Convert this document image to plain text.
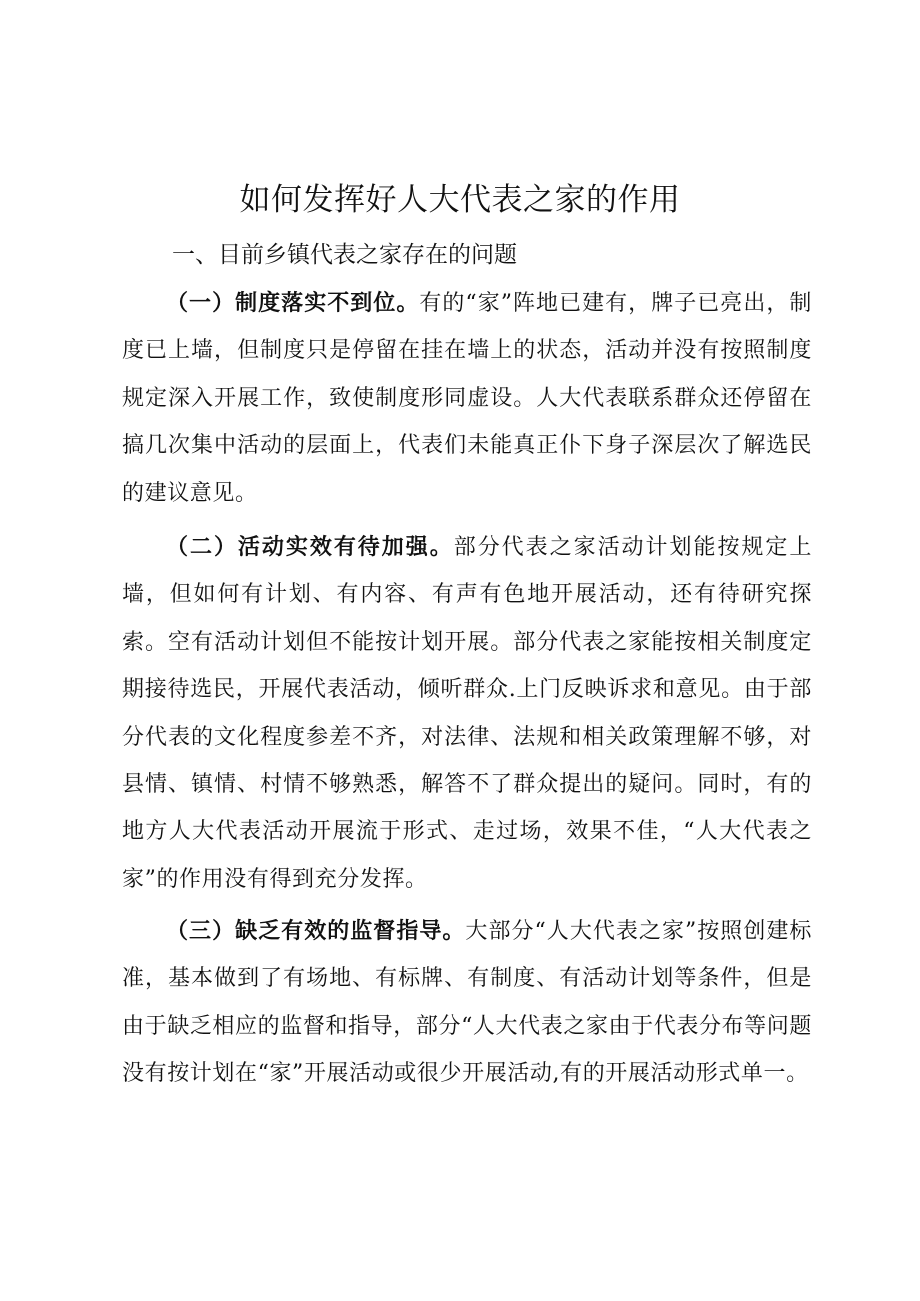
如何发挥好人大代表之家的作用
一、目前乡镇代表之家存在的问题

（一）制度落实不到位。有的“家”阵地已建有，牌子已亮出，制度已上墙，但制度只是停留在挂在墙上的状态，活动并没有按照制度规定深入开展工作，致使制度形同虚设。人大代表联系群众还停留在搞几次集中活动的层面上，代表们未能真正仆下身子深层次了解选民的建议意见。

（二）活动实效有待加强。部分代表之家活动计划能按规定上墙，但如何有计划、有内容、有声有色地开展活动，还有待研究探索。空有活动计划但不能按计划开展。部分代表之家能按相关制度定期接待选民，开展代表活动，倾听群众.上门反映诉求和意见。由于部分代表的文化程度参差不齐，对法律、法规和相关政策理解不够，对县情、镇情、村情不够熟悉，解答不了群众提出的疑问。同时，有的地方人大代表活动开展流于形式、走过场，效果不佳，“人大代表之家”的作用没有得到充分发挥。

（三）缺乏有效的监督指导。大部分“人大代表之家”按照创建标准，基本做到了有场地、有标牌、有制度、有活动计划等条件，但是由于缺乏相应的监督和指导，部分“人大代表之家由于代表分布等问题没有按计划在“家”开展活动或很少开展活动,有的开展活动形式单一。
